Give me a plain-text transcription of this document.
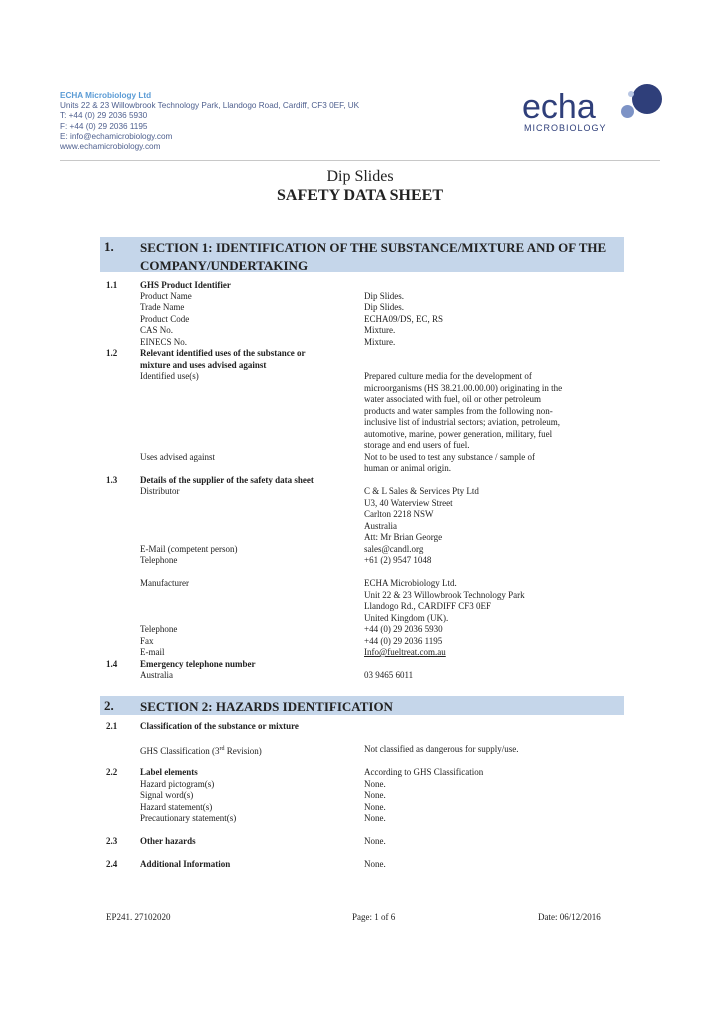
ECHA Microbiology Ltd
Units 22 & 23 Willowbrook Technology Park, Llandogo Road, Cardiff, CF3 0EF, UK
T: +44 (0) 29 2036 5930
F: +44 (0) 29 2036 1195
E: info@echamicrobiology.com
www.echamicrobiology.com
echa
MICROBIOLOGY
Dip Slides
SAFETY DATA SHEET
1. SECTION 1: IDENTIFICATION OF THE SUBSTANCE/MIXTURE AND OF THE COMPANY/UNDERTAKING
1.1	GHS Product Identifier
Product Name	Dip Slides.
Trade Name	Dip Slides.
Product Code	ECHA09/DS, EC, RS
CAS No.	Mixture.
EINECS No.	Mixture.
1.2	Relevant identified uses of the substance or
mixture and uses advised against
Identified use(s)	Prepared culture media for the development of
microorganisms (HS 38.21.00.00.00) originating in the
water associated with fuel, oil or other petroleum
products and water samples from the following non-
inclusive list of industrial sectors; aviation, petroleum,
automotive, marine, power generation, military, fuel
storage and end users of fuel.
Uses advised against	Not to be used to test any substance / sample of
human or animal origin.
1.3	Details of the supplier of the safety data sheet
Distributor	C & L Sales & Services Pty Ltd
U3, 40 Waterview Street
Carlton 2218 NSW
Australia
Att: Mr Brian George
E-Mail (competent person)	sales@candl.org
Telephone	+61 (2) 9547 1048
Manufacturer	ECHA Microbiology Ltd.
Unit 22 & 23 Willowbrook Technology Park
Llandogo Rd., CARDIFF CF3 0EF
United Kingdom (UK).
Telephone	+44 (0) 29 2036 5930
Fax	+44 (0) 29 2036 1195
E-mail	Info@fueltreat.com.au
1.4	Emergency telephone number
Australia	03 9465 6011
2. SECTION 2: HAZARDS IDENTIFICATION
2.1	Classification of the substance or mixture
GHS Classification (3rd Revision)	Not classified as dangerous for supply/use.
2.2	Label elements	According to GHS Classification
Hazard pictogram(s)	None.
Signal word(s)	None.
Hazard statement(s)	None.
Precautionary statement(s)	None.
2.3	Other hazards	None.
2.4	Additional Information	None.
EP241. 27102020	Page: 1 of 6	Date: 06/12/2016
